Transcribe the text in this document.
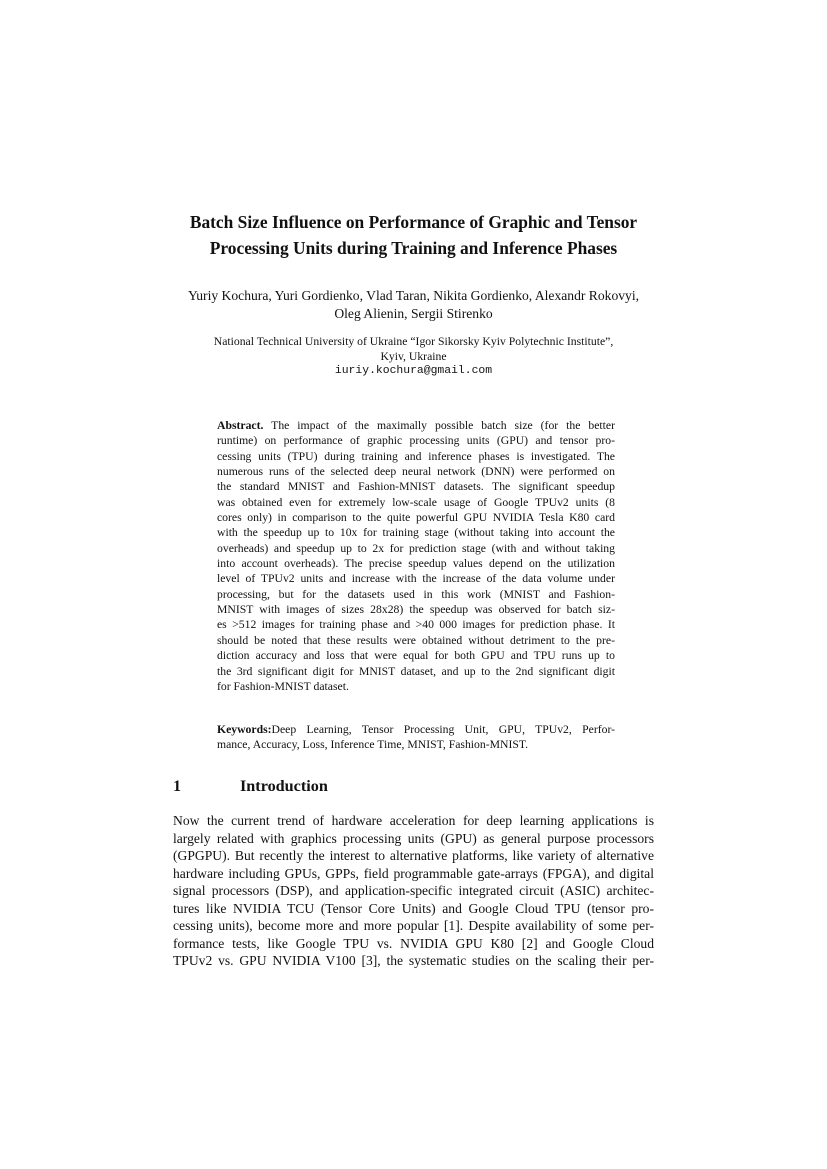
Batch Size Influence on Performance of Graphic and Tensor
Processing Units during Training and Inference Phases
Yuriy Kochura, Yuri Gordienko, Vlad Taran, Nikita Gordienko, Alexandr Rokovyi,
Oleg Alienin, Sergii Stirenko
National Technical University of Ukraine “Igor Sikorsky Kyiv Polytechnic Institute”,
Kyiv, Ukraine
iuriy.kochura@gmail.com
Abstract. The impact of the maximally possible batch size (for the better
runtime) on performance of graphic processing units (GPU) and tensor pro-
cessing units (TPU) during training and inference phases is investigated. The
numerous runs of the selected deep neural network (DNN) were performed on
the standard MNIST and Fashion-MNIST datasets. The significant speedup
was obtained even for extremely low-scale usage of Google TPUv2 units (8
cores only) in comparison to the quite powerful GPU NVIDIA Tesla K80 card
with the speedup up to 10x for training stage (without taking into account the
overheads) and speedup up to 2x for prediction stage (with and without taking
into account overheads). The precise speedup values depend on the utilization
level of TPUv2 units and increase with the increase of the data volume under
processing, but for the datasets used in this work (MNIST and Fashion-
MNIST with images of sizes 28x28) the speedup was observed for batch siz-
es >512 images for training phase and >40 000 images for prediction phase. It
should be noted that these results were obtained without detriment to the pre-
diction accuracy and loss that were equal for both GPU and TPU runs up to
the 3rd significant digit for MNIST dataset, and up to the 2nd significant digit
for Fashion-MNIST dataset.
Keywords:Deep Learning, Tensor Processing Unit, GPU, TPUv2, Perfor-
mance, Accuracy, Loss, Inference Time, MNIST, Fashion-MNIST.
1	Introduction
Now the current trend of hardware acceleration for deep learning applications is
largely related with graphics processing units (GPU) as general purpose processors
(GPGPU). But recently the interest to alternative platforms, like variety of alternative
hardware including GPUs, GPPs, field programmable gate-arrays (FPGA), and digital
signal processors (DSP), and application-specific integrated circuit (ASIC) architec-
tures like NVIDIA TCU (Tensor Core Units) and Google Cloud TPU (tensor pro-
cessing units), become more and more popular [1]. Despite availability of some per-
formance tests, like Google TPU vs. NVIDIA GPU K80 [2] and Google Cloud
TPUv2 vs. GPU NVIDIA V100 [3], the systematic studies on the scaling their per-
